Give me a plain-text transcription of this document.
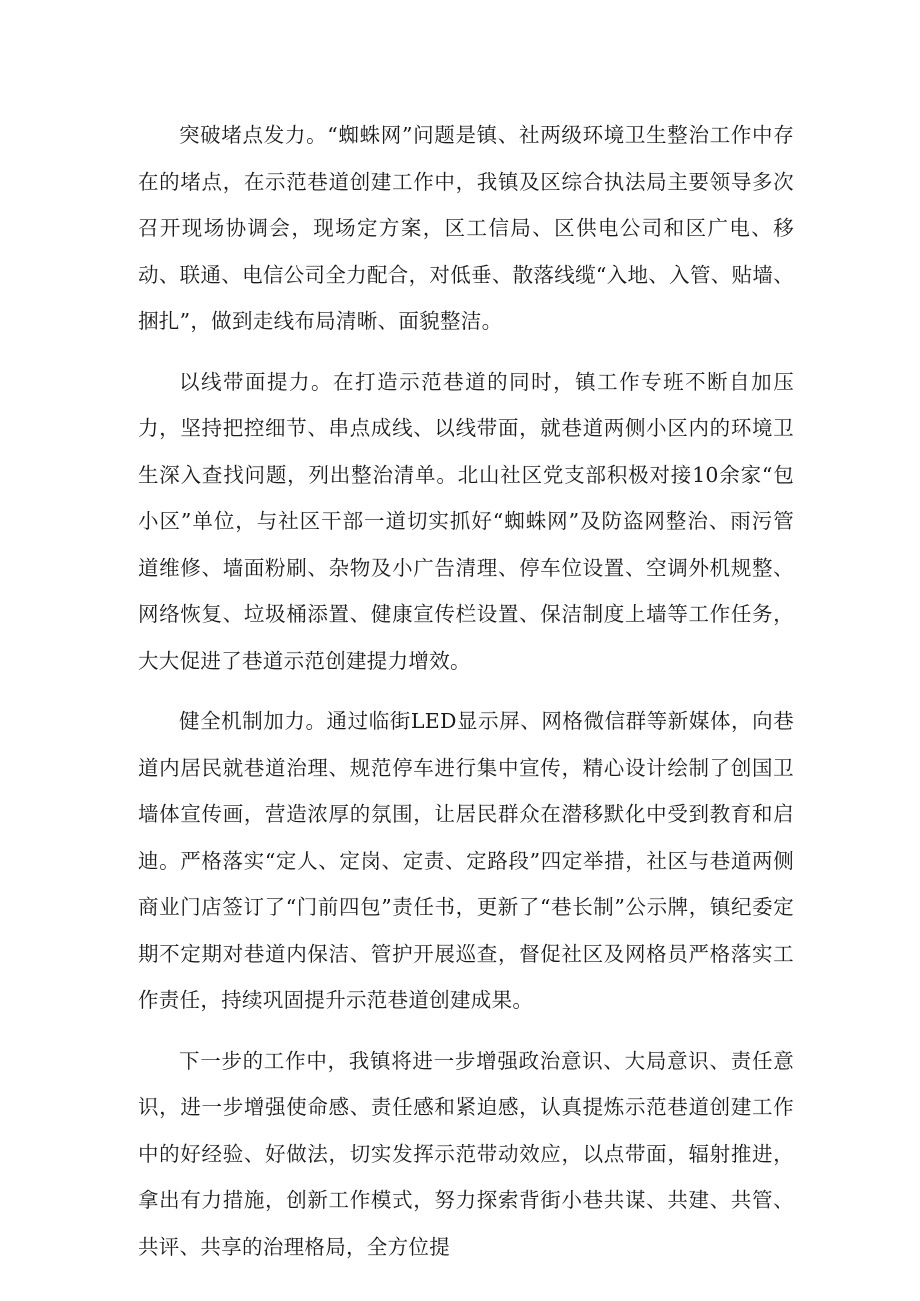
突破堵点发力。“蜘蛛网”问题是镇、社两级环境卫生整治工作中存在的堵点，在示范巷道创建工作中，我镇及区综合执法局主要领导多次召开现场协调会，现场定方案，区工信局、区供电公司和区广电、移动、联通、电信公司全力配合，对低垂、散落线缆“入地、入管、贴墙、捆扎”，做到走线布局清晰、面貌整洁。

以线带面提力。在打造示范巷道的同时，镇工作专班不断自加压力，坚持把控细节、串点成线、以线带面，就巷道两侧小区内的环境卫生深入查找问题，列出整治清单。北山社区党支部积极对接10余家“包小区”单位，与社区干部一道切实抓好“蜘蛛网”及防盗网整治、雨污管道维修、墙面粉刷、杂物及小广告清理、停车位设置、空调外机规整、网络恢复、垃圾桶添置、健康宣传栏设置、保洁制度上墙等工作任务，大大促进了巷道示范创建提力增效。

健全机制加力。通过临街LED显示屏、网格微信群等新媒体，向巷道内居民就巷道治理、规范停车进行集中宣传，精心设计绘制了创国卫墙体宣传画，营造浓厚的氛围，让居民群众在潜移默化中受到教育和启迪。严格落实“定人、定岗、定责、定路段”四定举措，社区与巷道两侧商业门店签订了“门前四包”责任书，更新了“巷长制”公示牌，镇纪委定期不定期对巷道内保洁、管护开展巡查，督促社区及网格员严格落实工作责任，持续巩固提升示范巷道创建成果。

下一步的工作中，我镇将进一步增强政治意识、大局意识、责任意识，进一步增强使命感、责任感和紧迫感，认真提炼示范巷道创建工作中的好经验、好做法，切实发挥示范带动效应，以点带面，辐射推进，拿出有力措施，创新工作模式，努力探索背街小巷共谋、共建、共管、共评、共享的治理格局，全方位提
